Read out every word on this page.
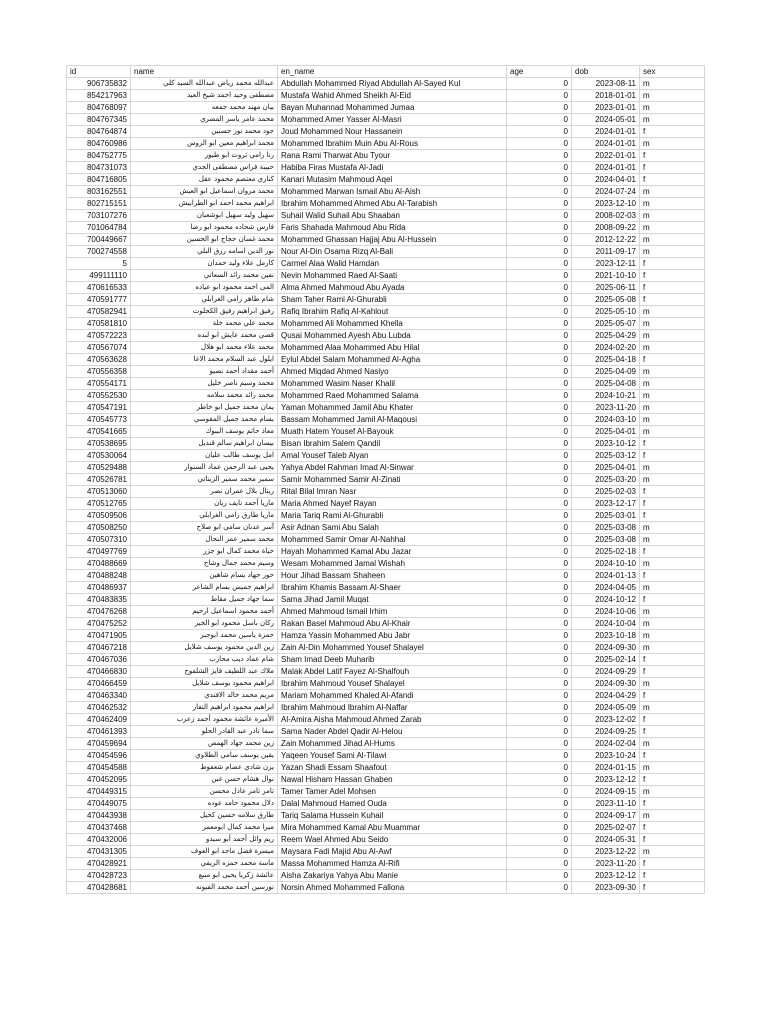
id	name	en_name	age	dob	sex
906735832	عبدالله محمد رياض عبدالله السيد كلي	Abdullah Mohammed Riyad Abdullah Al-Sayed Kul	0	2023-08-11	m
854217963	مصطفى وحيد احمد شيخ العيد	Mustafa Wahid Ahmed Sheikh Al-Eid	0	2018-01-01	m
804768097	بيان مهند محمد جمعه	Bayan Muhannad Mohammed Jumaa	0	2023-01-01	m
804767345	محمد عامر ياسر المصري	Mohammed Amer Yasser Al-Masri	0	2024-05-01	m
804764874	جود محمد نور حسنين	Joud Mohammed Nour Hassanein	0	2024-01-01	f
804760986	محمد ابراهيم معين ابو الروس	Mohammed Ibrahim Muin Abu Al-Rous	0	2024-01-01	m
804752775	رنا رامي ثروت ابو طيور	Rana Rami Tharwat Abu Tyour	0	2022-01-01	f
804731073	حبيبة فراس مصطفى الجدي	Habiba Firas Mustafa Al-Jadi	0	2024-01-01	f
804716805	كناري معتصم محمود عقل	Kanari Mutasim Mahmoud Aqel	0	2024-04-01	f
803162551	محمد مروان اسماعيل ابو العيش	Mohammed Marwan Ismail Abu Al-Aish	0	2024-07-24	m
802715151	ابراهيم محمد احمد ابو الطرابيش	Ibrahim Mohammed Ahmed Abu Al-Tarabish	0	2023-12-10	m
703107276	سهيل وليد سهيل ابوشعبان	Suhail Walid Suhail Abu Shaaban	0	2008-02-03	m
701064784	فارس شحاده محمود ابو رضا	Faris Shahada Mahmoud Abu Rida	0	2008-09-22	m
700449667	محمد غسان حجاج ابو الحسين	Mohammed Ghassan Hajjaj Abu Al-Hussein	0	2012-12-22	m
700274558	نور الدين اسامه رزق البلي	Nour Al-Din Osama Rizq Al-Bali	0	2011-09-17	m
5	كارمل علاء وليد حمدان	Carmel Alaa Walid Hamdan	0	2023-12-11	f
499111110	نفين محمد رائد السعاتي	Nevin Mohammed Raed Al-Saati	0	2021-10-10	f
470616533	المى احمد محمود ابو عياده	Alma Ahmed Mahmoud Abu Ayada	0	2025-06-11	f
470591777	شام طاهر رامي الغرابلي	Sham Taher Rami Al-Ghurabli	0	2025-05-08	f
470582941	رفيق ابراهيم رفيق الكحلوت	Rafiq Ibrahim Rafiq Al-Kahlout	0	2025-05-10	m
470581810	محمد علي محمد خلة	Mohammed Ali Mohammed Khella	0	2025-05-07	m
470572223	قصي محمد عايش ابو لبده	Qusai Mohammed Ayesh Abu Lubda	0	2025-04-29	m
470567074	محمد علاء محمد ابو هلال	Mohammed Alaa Mohammed Abu Hilal	0	2024-02-20	m
470563628	ايلول عبد السلام محمد الاغا	Eylul Abdel Salam Mohammed Al-Agha	0	2025-04-18	f
470556358	أحمد مقداد أحمد نصيو	Ahmed Miqdad Ahmed Nasiyo	0	2025-04-09	m
470554171	محمد وسيم ناصر خليل	Mohammed Wasim Naser Khalil	0	2025-04-08	m
470552530	محمد رائد محمد سلامه	Mohammed Raed Mohammed Salama	0	2024-10-21	m
470547191	يمان محمد جميل ابو خاطر	Yaman Mohammed Jamil Abu Khater	0	2023-11-20	m
470545773	بسام محمد جميل المقوسي	Bassam Mohammed Jamil Al-Maqousi	0	2024-03-10	m
470541665	معاذ حاتم يوسف البيوك	Muath Hatem Yousef Al-Bayouk	0	2025-04-01	m
470538695	بيسان ابراهيم سالم قنديل	Bisan Ibrahim Salem Qandil	0	2023-10-12	f
470530064	امل يوسف طالب عليان	Amal Yousef Taleb Alyan	0	2025-03-12	f
470529488	يحيى عبد الرحمن عماد السنوار	Yahya Abdel Rahman Imad Al-Sinwar	0	2025-04-01	m
470526781	سمير محمد سمير الزيناتي	Samir Mohammed Samir Al-Zinati	0	2025-03-20	m
470513060	ريتال بلال عمران نصر	Rital Bilal Imran Nasr	0	2025-02-03	f
470512765	ماريا أحمد نايف ريان	Maria Ahmed Nayef Rayan	0	2023-12-17	f
470509506	ماريا طارق رامي الغرابلي	Maria Tariq Rami Al-Ghurabli	0	2025-03-01	f
470508250	آسر عدنان سامي ابو صلاح	Asir Adnan Sami Abu Salah	0	2025-03-08	m
470507310	محمد سمير عمر النحال	Mohammed Samir Omar Al-Nahhal	0	2025-03-08	m
470497769	حياة محمد كمال ابو جزر	Hayah Mohammed Kamal Abu Jazar	0	2025-02-18	f
470488669	وسيم محمد جمال وشاح	Wesam Mohammed Jamal Wishah	0	2024-10-10	m
470488248	حور جهاد بسام شاهين	Hour Jihad Bassam Shaheen	0	2024-01-13	f
470486937	ابراهيم خميس بسام الشاعر	Ibrahim Khamis Bassam Al-Shaer	0	2024-04-05	m
470483835	سما جهاد جميل مقاط	Sama Jihad Jamil Muqat	0	2024-10-12	f
470476268	أحمد محمود اسماعيل ارحيم	Ahmed Mahmoud Ismail Irhim	0	2024-10-06	m
470475252	ركان باسل محمود ابو الخير	Rakan Basel Mahmoud Abu Al-Khair	0	2024-10-04	m
470471905	حمزة ياسين محمد ابوجبر	Hamza Yassin Mohammed Abu Jabr	0	2023-10-18	m
470467218	زين الدين محمود يوسف شلايل	Zain Al-Din Mohammed Yousef Shalayel	0	2024-09-30	m
470467036	شام عماد ديب محارب	Sham Imad Deeb Muharib	0	2025-02-14	f
470466830	ملاك عبد اللطيف فايز الشلفوح	Malak Abdel Latif Fayez Al-Shalfouh	0	2024-09-29	f
470466459	ابراهيم محمود يوسف شلايل	Ibrahim Mahmoud Yousef Shalayel	0	2024-09-30	m
470463340	مريم محمد خالد الافندي	Mariam Mohammed Khaled Al-Afandi	0	2024-04-29	f
470462532	ابراهيم محمود ابراهيم النفار	Ibrahim Mahmoud Ibrahim Al-Naffar	0	2024-05-09	m
470462409	الأميرة عائشة محمود أحمد زعرب	Al-Amira Aisha Mahmoud Ahmed Zarab	0	2023-12-02	f
470461393	سما نادر عبد القادر الحلو	Sama Nader Abdel Qadir Al-Helou	0	2024-09-25	f
470459694	زين محمد جهاد الهمص	Zain Mohammed Jihad Al-Hums	0	2024-02-04	m
470454596	يقين يوسف سامي الطلاوي	Yaqeen Yousef Sami Al-Tilawi	0	2023-10-24	f
470454588	يزن شادي عصام شعفوط	Yazan Shadi Essam Shaafout	0	2024-01-15	m
470452095	نوال هشام حسن غبن	Nawal Hisham Hassan Ghaben	0	2023-12-12	f
470449315	تامر تامر عادل محسن	Tamer Tamer Adel Mohsen	0	2024-09-15	m
470449075	دلال محمود حامد عوده	Dalal Mahmoud Hamed Ouda	0	2023-11-10	f
470443938	طارق سلامه حسين كحيل	Tariq Salama Hussein Kuhail	0	2024-09-17	m
470437468	ميرا محمد كمال ابومعمر	Mira Mohammed Kamal Abu Muammar	0	2025-02-07	f
470432006	ريم وائل أحمد أبو سيدو	Reem Wael Ahmed Abu Seido	0	2024-05-31	f
470431305	ميسرة فضل ماجد ابو العوف	Maysara Fadi Majid Abu Al-Awf	0	2023-12-22	m
470428921	ماسة محمد حمزه الريفي	Massa Mohammed Hamza Al-Rifi	0	2023-11-20	f
470428723	عائشة زكريا يحيى ابو منيع	Aisha Zakariya Yahya Abu Manie	0	2023-12-12	f
470428681	نورسين أحمد محمد الفيونه	Norsin Ahmed Mohammed Fallona	0	2023-09-30	f
